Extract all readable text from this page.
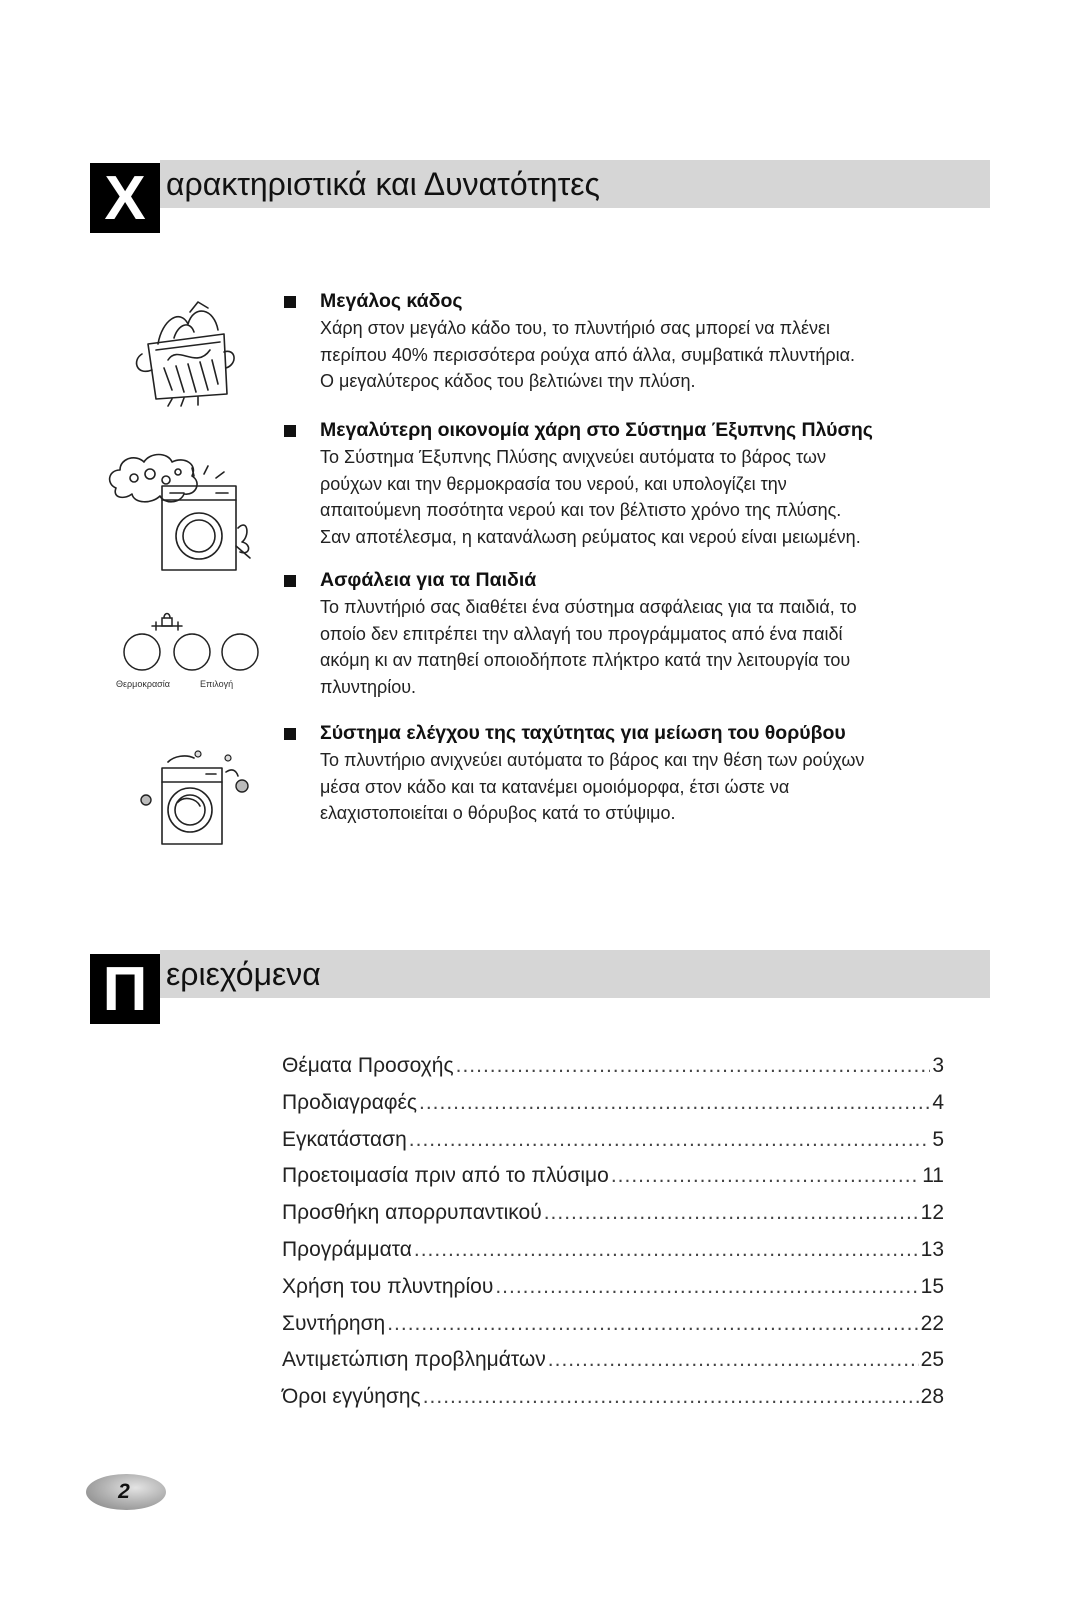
Χ αρακτηριστικά και Δυνατότητες
Μεγάλος κάδος
Χάρη στον μεγάλο κάδο του, το πλυντήριό σας μπορεί να πλένει
περίπου 40% περισσότερα ρούχα από άλλα, συμβατικά πλυντήρια.
Ο μεγαλύτερος κάδος του βελτιώνει την πλύση.
Μεγαλύτερη οικονομία χάρη στο Σύστημα Έξυπνης Πλύσης
Το Σύστημα Έξυπνης Πλύσης ανιχνεύει αυτόματα το βάρος των
ρούχων και την θερμοκρασία του νερού, και υπολογίζει την
απαιτούμενη ποσότητα νερού και τον βέλτιστο χρόνο της πλύσης.
Σαν αποτέλεσμα, η κατανάλωση ρεύματος και νερού είναι μειωμένη.
Θερμοκρασία	Επιλογή
Ασφάλεια για τα Παιδιά
Το πλυντήριό σας διαθέτει ένα σύστημα ασφάλειας για τα παιδιά, το
οποίο δεν επιτρέπει την αλλαγή του προγράμματος από ένα παιδί
ακόμη κι αν πατηθεί οποιοδήποτε πλήκτρο κατά την λειτουργία του
πλυντηρίου.
Σύστημα ελέγχου της ταχύτητας για μείωση του θορύβου
Το πλυντήριο ανιχνεύει αυτόματα το βάρος και την θέση των ρούχων
μέσα στον κάδο και τα κατανέμει ομοιόμορφα, έτσι ώστε να
ελαχιστοποιείται ο θόρυβος κατά το στύψιμο.
Π εριεχόμενα
Θέματα Προσοχής .....	3
Προδιαγραφές .....	4
Εγκατάσταση .....	5
Προετοιμασία πριν από το πλύσιμο .....	11
Προσθήκη απορρυπαντικού .....	12
Προγράμματα .....	13
Χρήση του πλυντηρίου .....	15
Συντήρηση .....	22
Αντιμετώπιση προβλημάτων .....	25
Όροι εγγύησης .....	28
2
